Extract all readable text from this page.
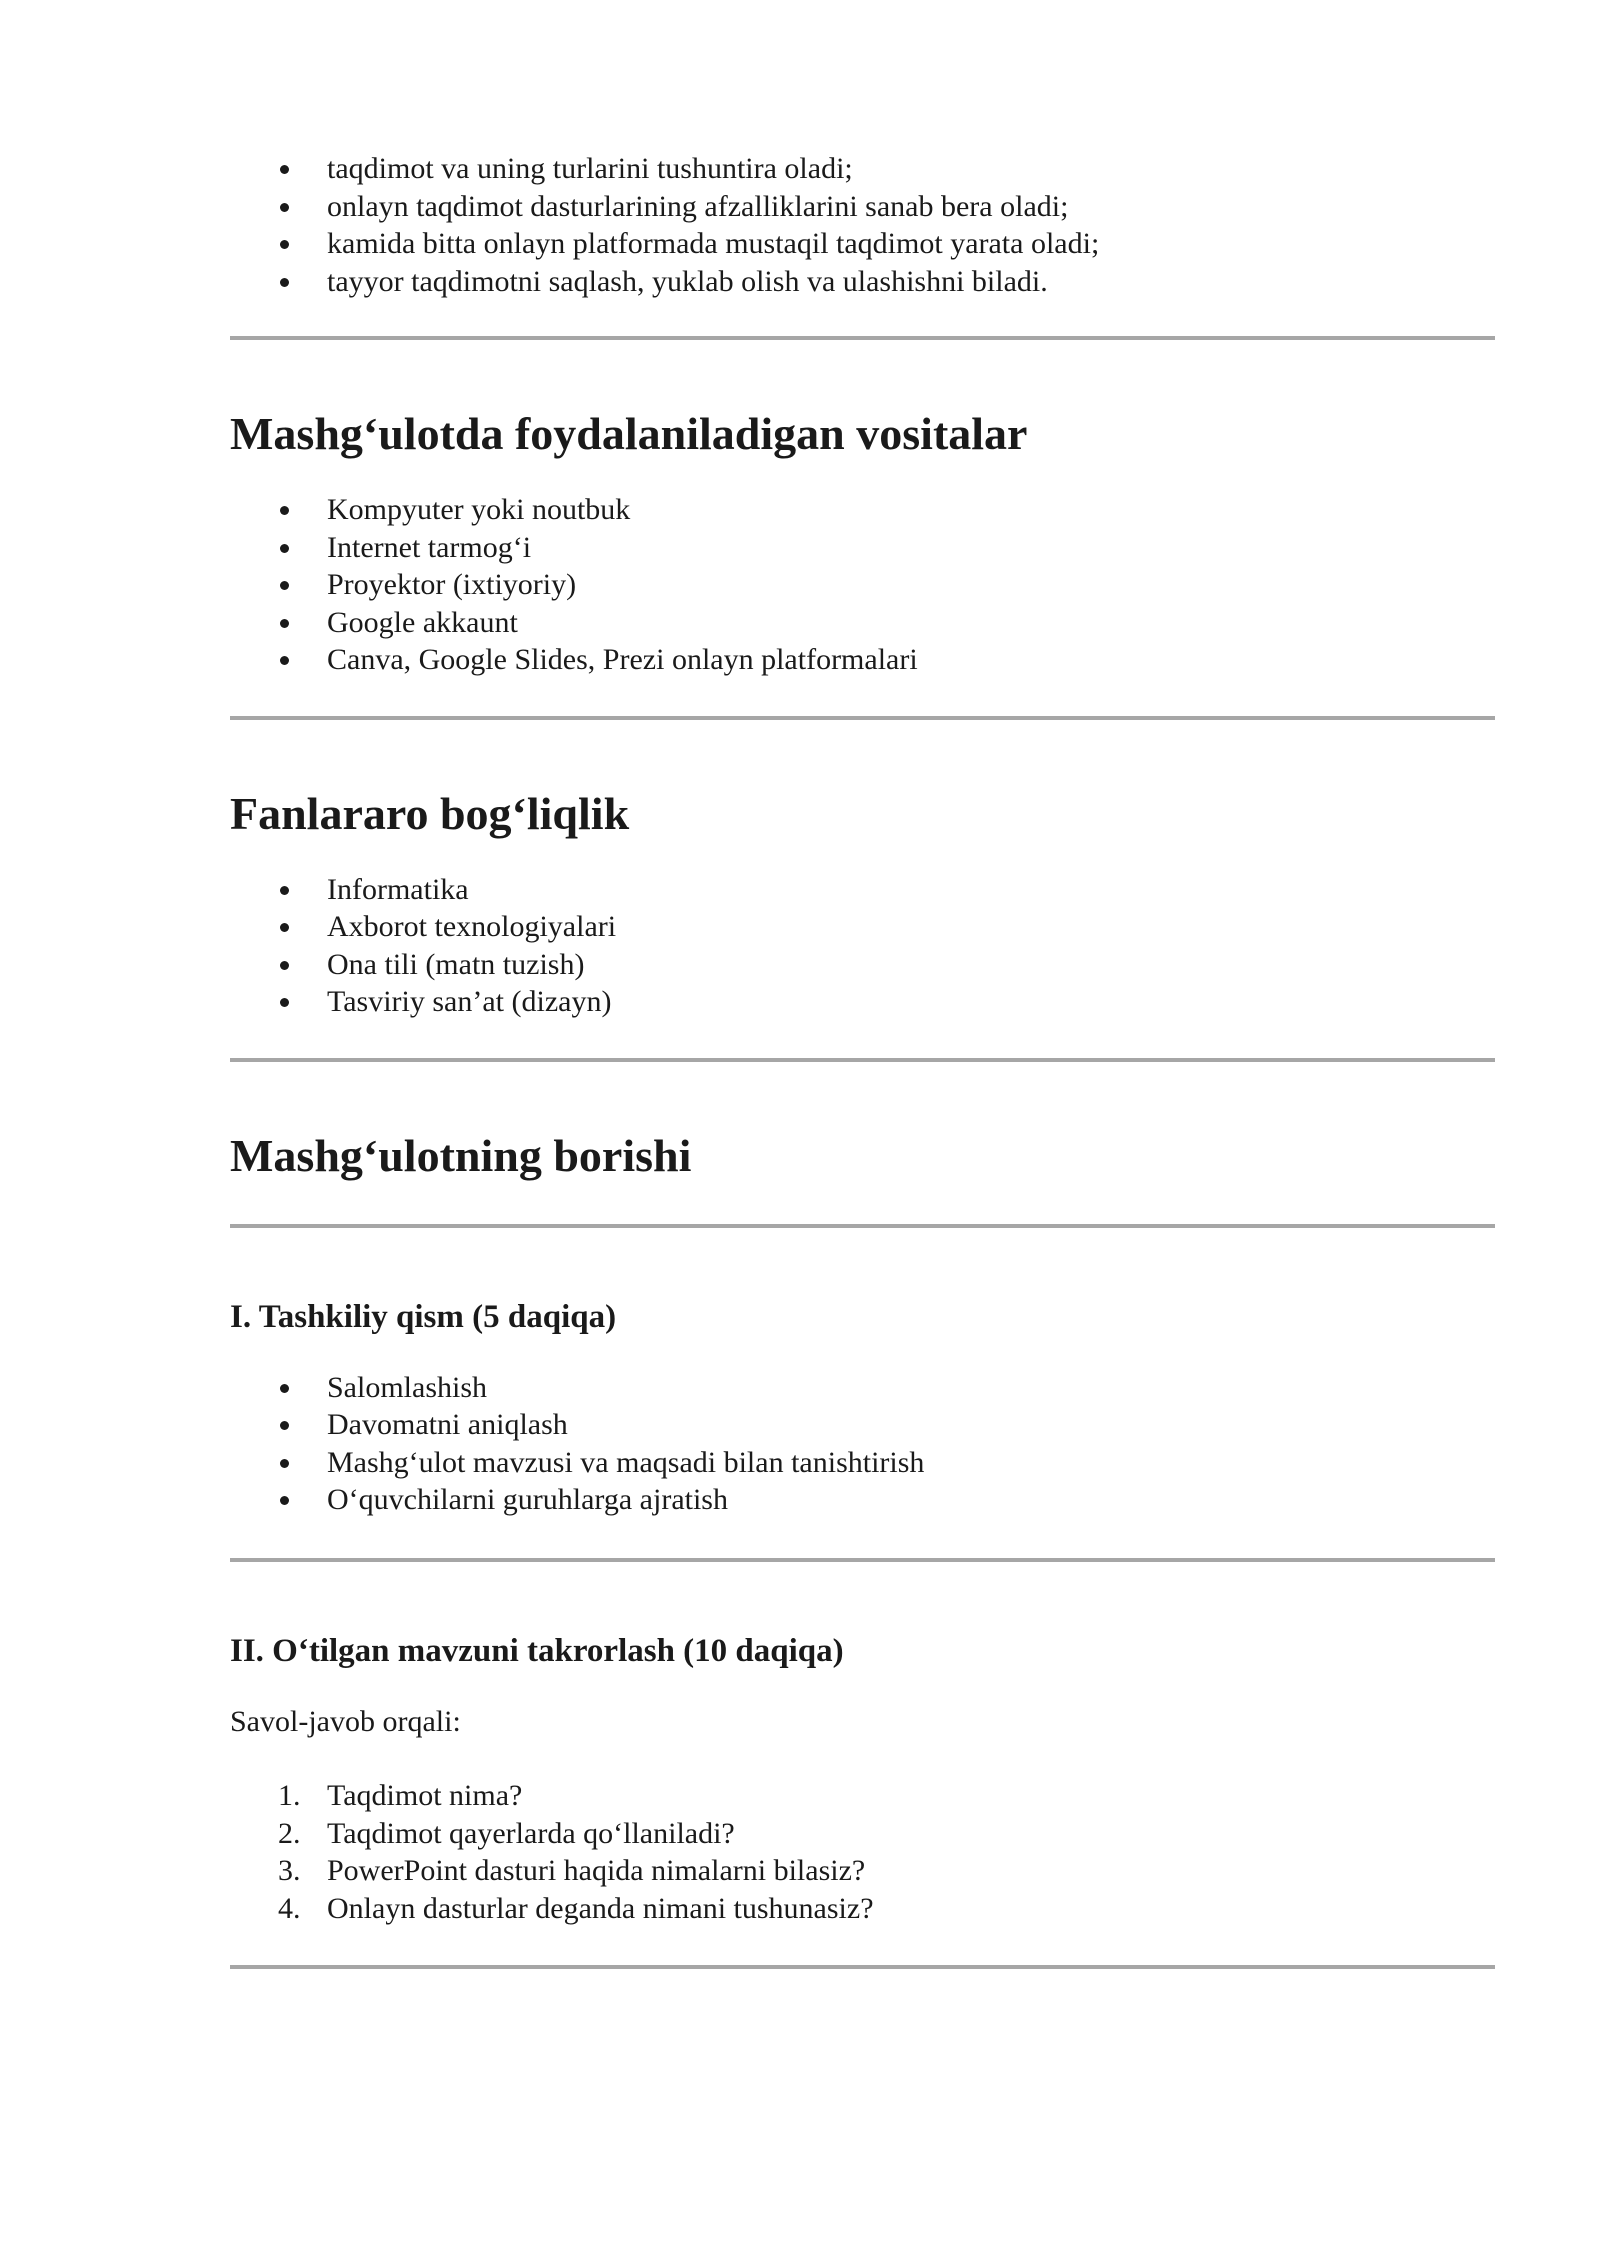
taqdimot va uning turlarini tushuntira oladi;
onlayn taqdimot dasturlarining afzalliklarini sanab bera oladi;
kamida bitta onlayn platformada mustaqil taqdimot yarata oladi;
tayyor taqdimotni saqlash, yuklab olish va ulashishni biladi.
Mashg‘ulotda foydalaniladigan vositalar
Kompyuter yoki noutbuk
Internet tarmog‘i
Proyektor (ixtiyoriy)
Google akkaunt
Canva, Google Slides, Prezi onlayn platformalari
Fanlararo bog‘liqlik
Informatika
Axborot texnologiyalari
Ona tili (matn tuzish)
Tasviriy san’at (dizayn)
Mashg‘ulotning borishi
I. Tashkiliy qism (5 daqiqa)
Salomlashish
Davomatni aniqlash
Mashg‘ulot mavzusi va maqsadi bilan tanishtirish
O‘quvchilarni guruhlarga ajratish
II. O‘tilgan mavzuni takrorlash (10 daqiqa)

Savol-javob orqali:

1. Taqdimot nima?
2. Taqdimot qayerlarda qo‘llaniladi?
3. PowerPoint dasturi haqida nimalarni bilasiz?
4. Onlayn dasturlar deganda nimani tushunasiz?
